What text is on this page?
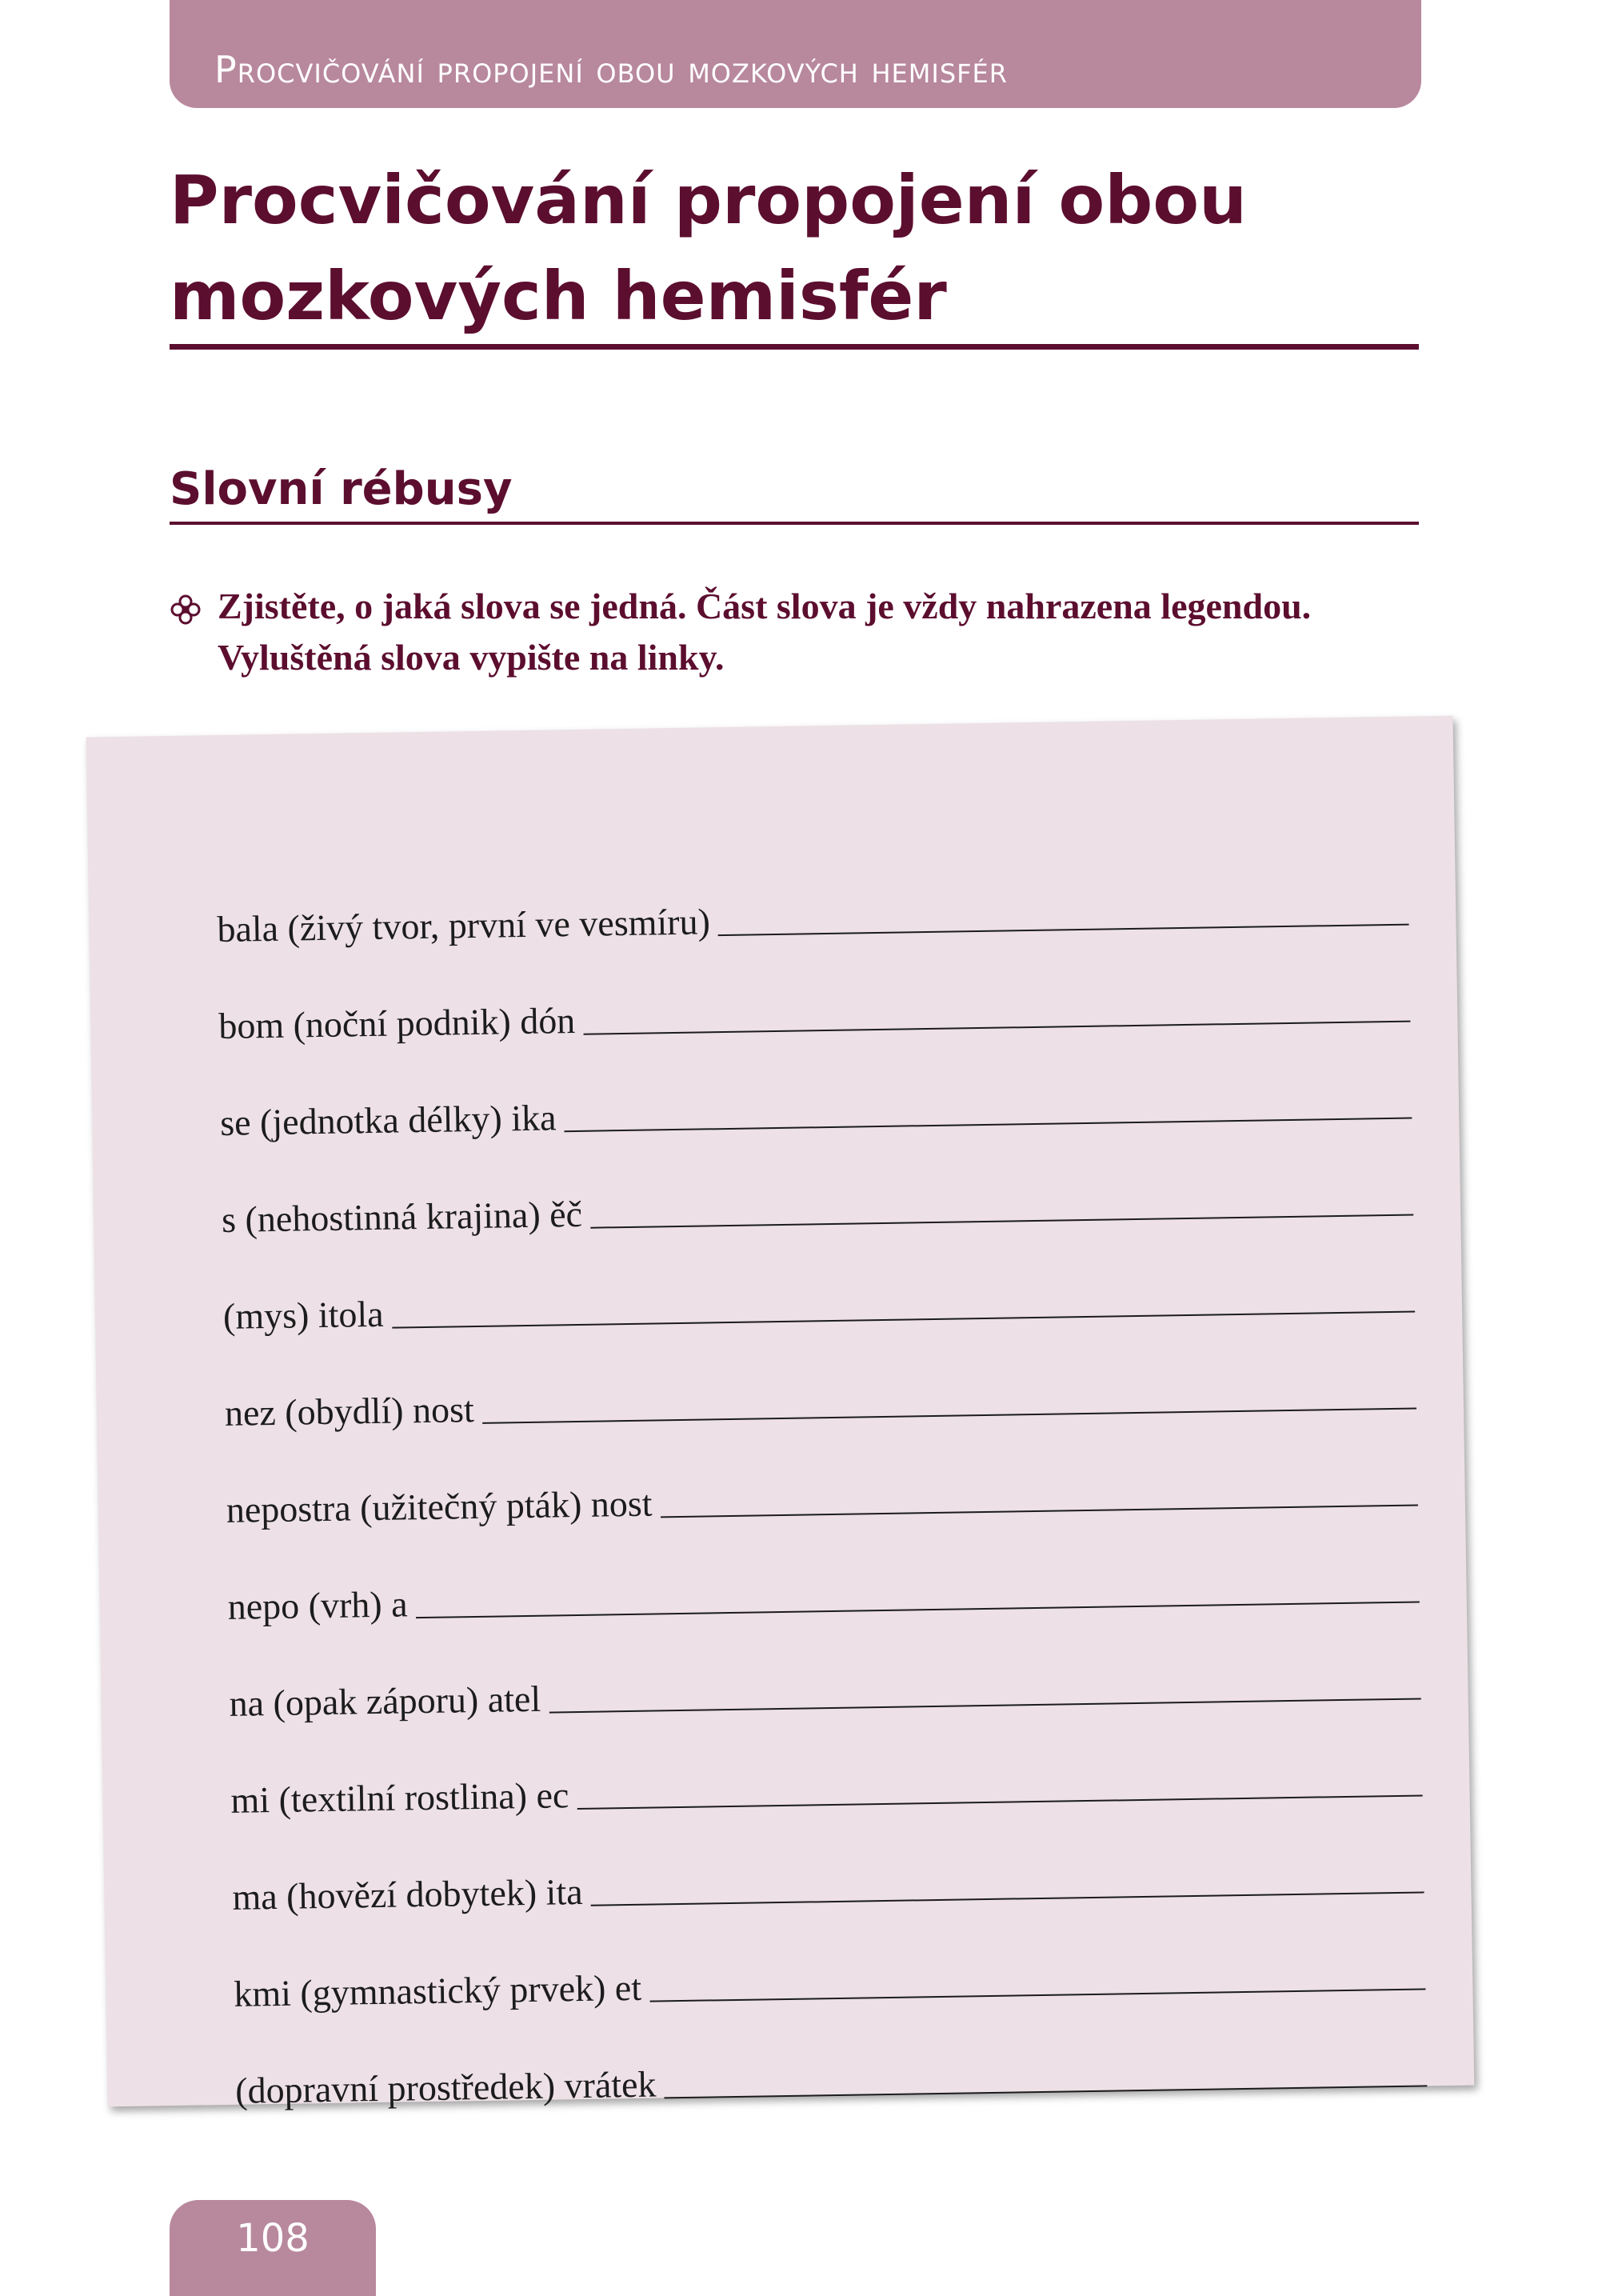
Procvičování propojení obou mozkových hemisfér
Procvičování propojení obou
mozkových hemisfér
Slovní rébusy

Zjistěte, o jaká slova se jedná. Část slova je vždy nahrazena legendou.
Vyluštěná slova vypište na linky.

bala (živý tvor, první ve vesmíru)
bom (noční podnik) dón
se (jednotka délky) ika
s (nehostinná krajina) ěč
(mys) itola
nez (obydlí) nost
nepostra (užitečný pták) nost
nepo (vrh) a
na (opak záporu) atel
mi (textilní rostlina) ec
ma (hovězí dobytek) ita
kmi (gymnastický prvek) et
(dopravní prostředek) vrátek
108
